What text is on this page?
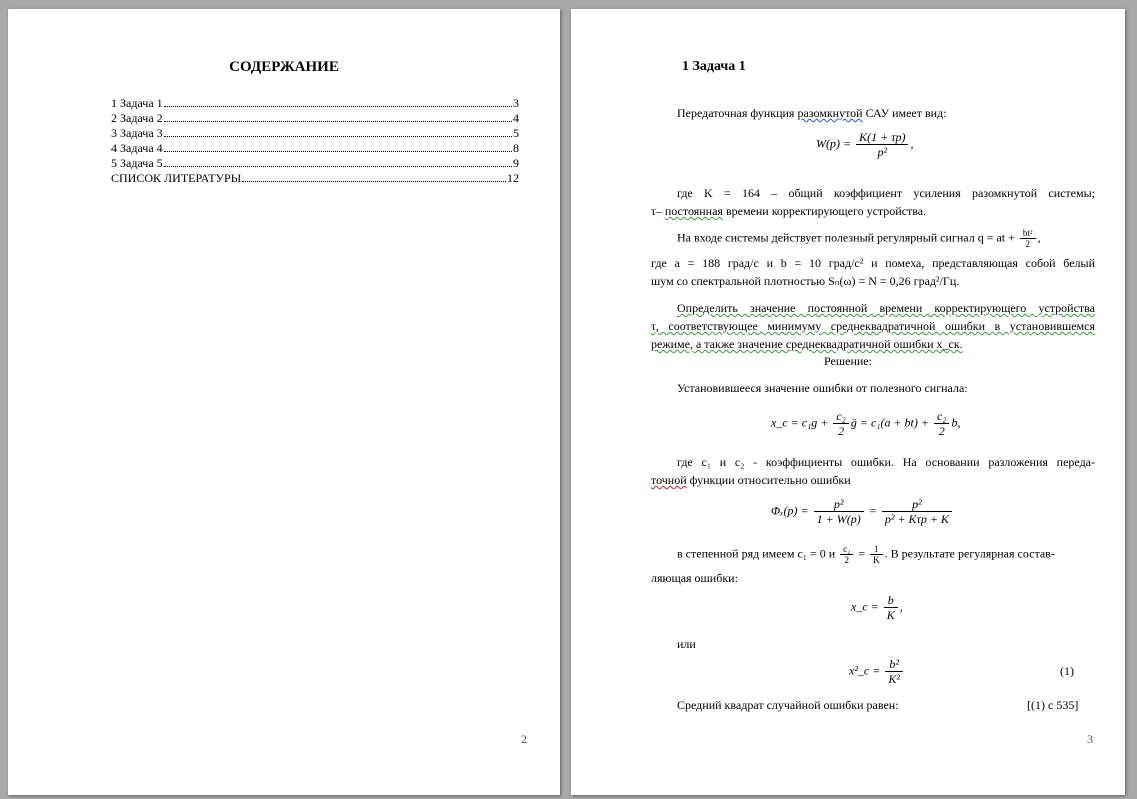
СОДЕРЖАНИЕ
1 Задача 1	3
2 Задача 2	4
3 Задача 3	5
4 Задача 4	8
5 Задача 5	9
СПИСОК ЛИТЕРАТУРЫ	12
2
1 Задача 1
Передаточная функция разомкнутой САУ имеет вид:
$W(p) = \frac{K(1 + \tau p)}{\text{p²}}$ ,
где K = 164 – общий коэффициент усиления разомкнутой системы;
τ– постоянная времени корректирующего устройства.
На входе системы действует полезный регулярный сигнал q = at + $\frac{\text{bt²}}{2}$ ,
где a = 188 град/с и b = 10 град/с² и помеха, представляющая собой белый
шум со спектральной плотностью Sₙ(ω) = N = 0,26 град²/Гц.
Определить значение постоянной времени корректирующего устройства
τ, соответствующее минимуму среднеквадратичной ошибки в установившемся
режиме, а также значение среднеквадратичной ошибки x_ск.
Решение:
Установившееся значение ошибки от полезного сигнала:
x_c = $c_1g + \frac{\text{c₂}}{2}$ g̈ = $c_1(a + bt) + \frac{\text{c₂}}{2} b$,
где c₁ и c₂ - коэффициенты ошибки. На основании разложения переда-
точной функции относительно ошибки
$\Phi_x(p) = \frac{\text{p²}}{1 + W(p)} = \frac{\text{p²}}{\text{p² + Kτp + K}}$
в степенной ряд имеем c₁ = 0 и $\frac{\text{c₂}}{2} = \frac{1}{K}$ . В результате регулярная состав-
ляющая ошибки:
x_c = $\frac{b}{K}$ ,
или
x²_c = $\frac{\text{b²}}{\text{K²}}$	(1)
Средний квадрат случайной ошибки равен:	[(1) с 535]
3
